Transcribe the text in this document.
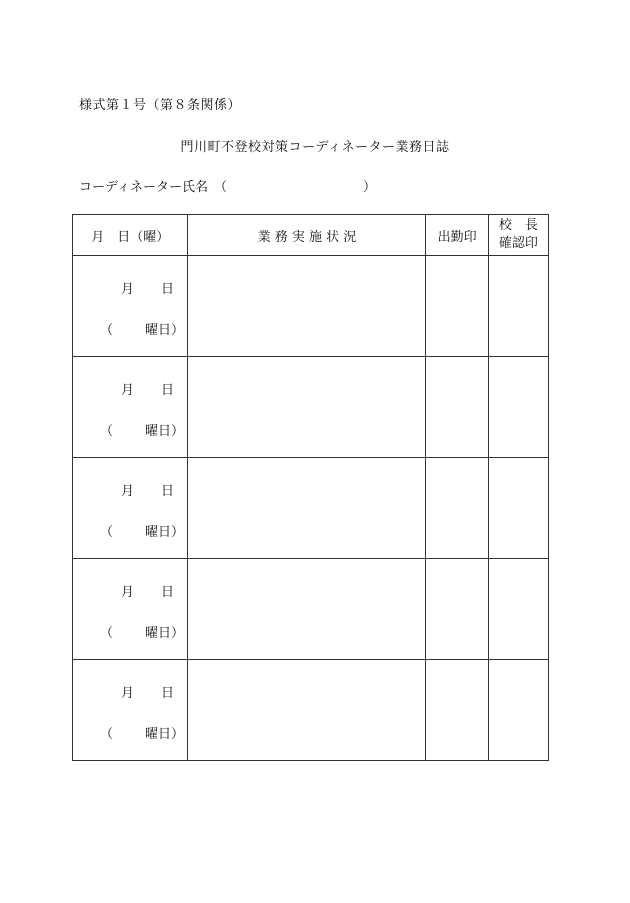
様式第１号（第８条関係）
門川町不登校対策コーディネーター業務日誌
コーディネーター氏名 （	）
月　日（曜）	業 務 実 施 状 況	出勤印	校　長
確認印

月 日
（ 曜日）			

月 日
（ 曜日）			

月 日
（ 曜日）			

月 日
（ 曜日）			

月 日
（ 曜日）			
